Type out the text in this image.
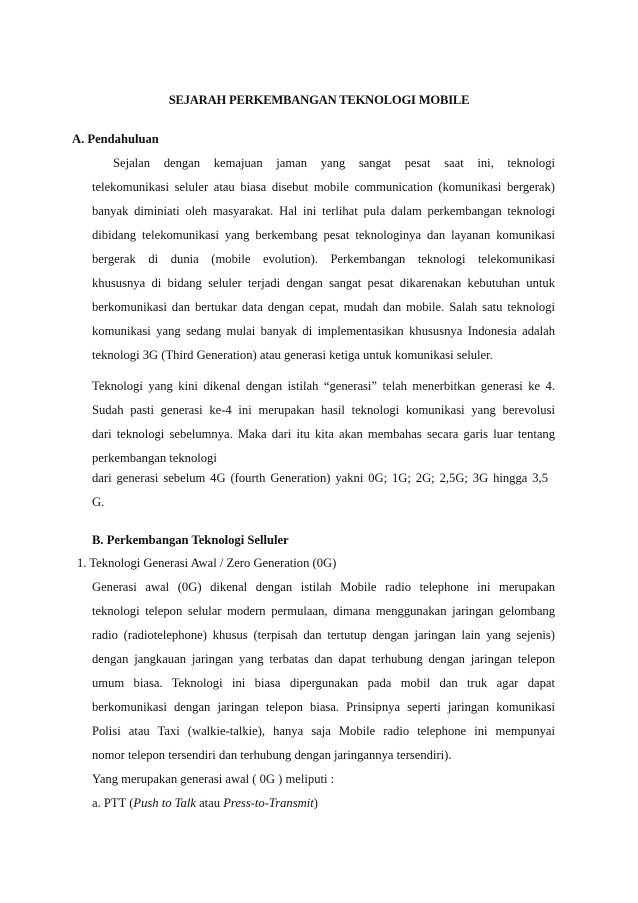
SEJARAH PERKEMBANGAN TEKNOLOGI MOBILE
A. Pendahuluan
Sejalan dengan kemajuan jaman yang sangat pesat saat ini, teknologi
telekomunikasi seluler atau biasa disebut mobile communication (komunikasi bergerak)
banyak diminiati oleh masyarakat. Hal ini terlihat pula dalam perkembangan teknologi
dibidang telekomunikasi yang berkembang pesat teknologinya dan layanan komunikasi
bergerak di dunia (mobile evolution). Perkembangan teknologi telekomunikasi
khususnya di bidang seluler terjadi dengan sangat pesat dikarenakan kebutuhan untuk
berkomunikasi dan bertukar data dengan cepat, mudah dan mobile. Salah satu teknologi
komunikasi yang sedang mulai banyak di implementasikan khususnya Indonesia adalah
teknologi 3G (Third Generation) atau generasi ketiga untuk komunikasi seluler.
Teknologi yang kini dikenal dengan istilah “generasi” telah menerbitkan generasi ke 4.
Sudah pasti generasi ke-4 ini merupakan hasil teknologi komunikasi yang berevolusi
dari teknologi sebelumnya. Maka dari itu kita akan membahas secara garis luar tentang
perkembangan teknologi
dari generasi sebelum 4G (fourth Generation) yakni 0G; 1G; 2G; 2,5G; 3G hingga 3,5
G.
B. Perkembangan Teknologi Selluler
1. Teknologi Generasi Awal / Zero Generation (0G)
Generasi awal (0G) dikenal dengan istilah Mobile radio telephone ini merupakan
teknologi telepon selular modern permulaan, dimana menggunakan jaringan gelombang
radio (radiotelephone) khusus (terpisah dan tertutup dengan jaringan lain yang sejenis)
dengan jangkauan jaringan yang terbatas dan dapat terhubung dengan jaringan telepon
umum biasa. Teknologi ini biasa dipergunakan pada mobil dan truk agar dapat
berkomunikasi dengan jaringan telepon biasa. Prinsipnya seperti jaringan komunikasi
Polisi atau Taxi (walkie-talkie), hanya saja Mobile radio telephone ini mempunyai
nomor telepon tersendiri dan terhubung dengan jaringannya tersendiri).
Yang merupakan generasi awal ( 0G ) meliputi :
a. PTT (Push to Talk atau Press-to-Transmit)
